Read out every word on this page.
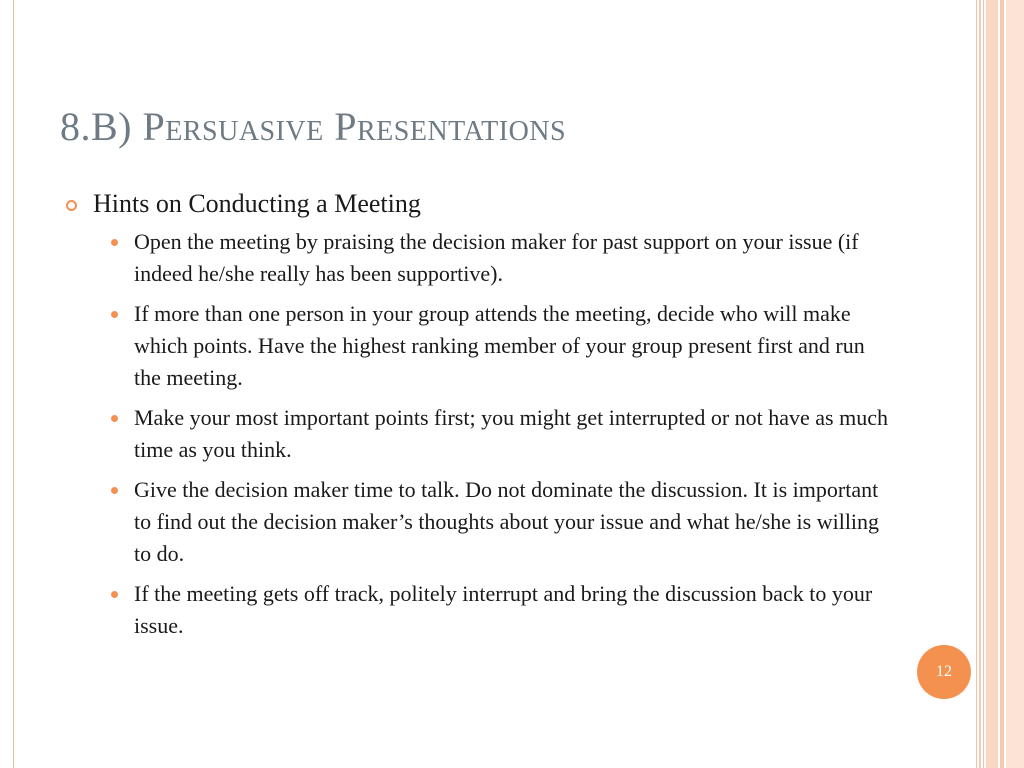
8.B) Persuasive Presentations
Hints on Conducting a Meeting
Open the meeting by praising the decision maker for past support on your issue (if indeed he/she really has been supportive).
If more than one person in your group attends the meeting, decide who will make which points. Have the highest ranking member of your group present first and run the meeting.
Make your most important points first; you might get interrupted or not have as much time as you think.
Give the decision maker time to talk. Do not dominate the discussion. It is important to find out the decision maker’s thoughts about your issue and what he/she is willing to do.
If the meeting gets off track, politely interrupt and bring the discussion back to your issue.
12
